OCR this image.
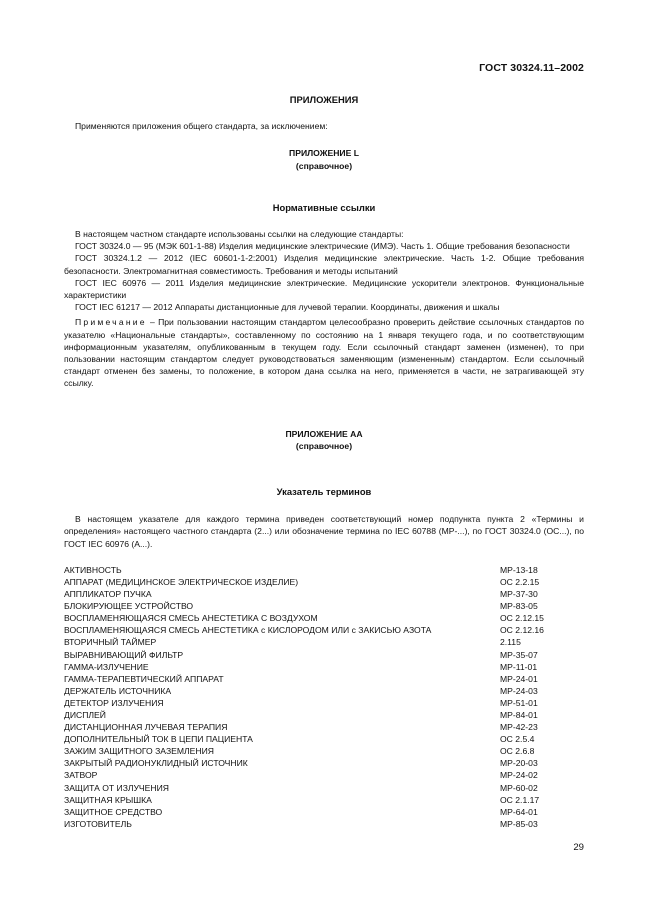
ГОСТ 30324.11–2002
ПРИЛОЖЕНИЯ

Применяются приложения общего стандарта, за исключением:

ПРИЛОЖЕНИЕ L
(справочное)
Нормативные ссылки

В настоящем частном стандарте использованы ссылки на следующие стандарты:

ГОСТ 30324.0 — 95 (МЭК 601-1-88) Изделия медицинские электрические (ИМЭ). Часть 1. Общие требования безопасности

ГОСТ 30324.1.2 — 2012 (IEC 60601-1-2:2001) Изделия медицинские электрические. Часть 1-2. Общие требования безопасности. Электромагнитная совместимость. Требования и методы испытаний

ГОСТ IEC 60976 — 2011 Изделия медицинские электрические. Медицинские ускорители электронов. Функциональные характеристики

ГОСТ IEC 61217 — 2012 Аппараты дистанционные для лучевой терапии. Координаты, движения и шкалы

Примечание – При пользовании настоящим стандартом целесообразно проверить действие ссылочных стандартов по указателю «Национальные стандарты», составленному по состоянию на 1 января текущего года, и по соответствующим информационным указателям, опубликованным в текущем году. Если ссылочный стандарт заменен (изменен), то при пользовании настоящим стандартом следует руководствоваться заменяющим (измененным) стандартом. Если ссылочный стандарт отменен без замены, то положение, в котором дана ссылка на него, применяется в части, не затрагивающей эту ссылку.

ПРИЛОЖЕНИЕ АА
(справочное)
Указатель терминов

В настоящем указателе для каждого термина приведен соответствующий номер подпункта пункта 2 «Термины и определения» настоящего частного стандарта (2...) или обозначение термина по IEC 60788 (МР-...), по ГОСТ 30324.0 (ОС...), по ГОСТ IEC 60976 (А...).

АКТИВНОСТЬ	МР-13-18
АППАРАТ (МЕДИЦИНСКОЕ ЭЛЕКТРИЧЕСКОЕ ИЗДЕЛИЕ)	ОС 2.2.15
АППЛИКАТОР ПУЧКА	МР-37-30
БЛОКИРУЮЩЕЕ УСТРОЙСТВО	МР-83-05
ВОСПЛАМЕНЯЮЩАЯСЯ СМЕСЬ АНЕСТЕТИКА С ВОЗДУХОМ	ОС 2.12.15
ВОСПЛАМЕНЯЮЩАЯСЯ СМЕСЬ АНЕСТЕТИКА с КИСЛОРОДОМ ИЛИ с ЗАКИСЬЮ АЗОТА	ОС 2.12.16
ВТОРИЧНЫЙ ТАЙМЕР	2.115
ВЫРАВНИВАЮЩИЙ ФИЛЬТР	МР-35-07
ГАММА-ИЗЛУЧЕНИЕ	МР-11-01
ГАММА-ТЕРАПЕВТИЧЕСКИЙ АППАРАТ	МР-24-01
ДЕРЖАТЕЛЬ ИСТОЧНИКА	МР-24-03
ДЕТЕКТОР ИЗЛУЧЕНИЯ	МР-51-01
ДИСПЛЕЙ	МР-84-01
ДИСТАНЦИОННАЯ ЛУЧЕВАЯ ТЕРАПИЯ	МР-42-23
ДОПОЛНИТЕЛЬНЫЙ ТОК В ЦЕПИ ПАЦИЕНТА	ОС 2.5.4
ЗАЖИМ ЗАЩИТНОГО ЗАЗЕМЛЕНИЯ	ОС 2.6.8
ЗАКРЫТЫЙ РАДИОНУКЛИДНЫЙ ИСТОЧНИК	МР-20-03
ЗАТВОР	МР-24-02
ЗАЩИТА ОТ ИЗЛУЧЕНИЯ	МР-60-02
ЗАЩИТНАЯ КРЫШКА	ОС 2.1.17
ЗАЩИТНОЕ СРЕДСТВО	МР-64-01
ИЗГОТОВИТЕЛЬ	МР-85-03
29
